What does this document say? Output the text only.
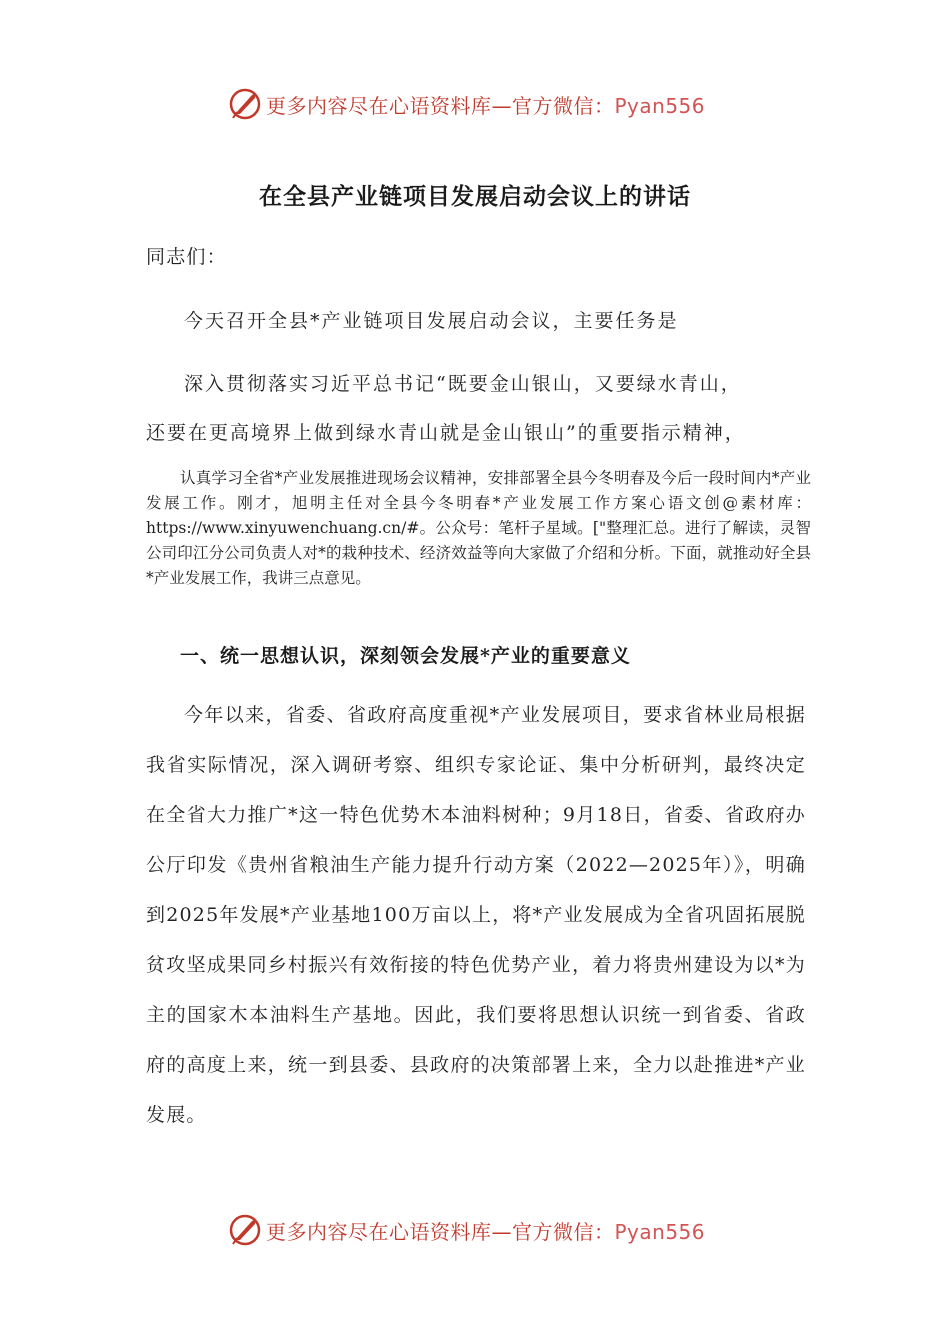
更多内容尽在心语资料库—官方微信：Pyan556
在全县产业链项目发展启动会议上的讲话
同志们：
今天召开全县*产业链项目发展启动会议，主要任务是
深入贯彻落实习近平总书记“既要金山银山，又要绿水青山，
还要在更高境界上做到绿水青山就是金山银山”的重要指示精神，
认真学习全省*产业发展推进现场会议精神，安排部署全县今冬明春及今后一段时间内*产业发展工作。刚才，旭明主任对全县今冬明春*产业发展工作方案心语文创@素材库：https://www.xinyuwenchuang.cn/#。公众号：笔杆子星域。["整理汇总。进行了解读，灵智公司印江分公司负责人对*的栽种技术、经济效益等向大家做了介绍和分析。下面，就推动好全县*产业发展工作，我讲三点意见。
一、统一思想认识，深刻领会发展*产业的重要意义
今年以来，省委、省政府高度重视*产业发展项目，要求省林业局根据我省实际情况，深入调研考察、组织专家论证、集中分析研判，最终决定在全省大力推广*这一特色优势木本油料树种；9月18日，省委、省政府办公厅印发《贵州省粮油生产能力提升行动方案（2022—2025年）》，明确到2025年发展*产业基地100万亩以上，将*产业发展成为全省巩固拓展脱贫攻坚成果同乡村振兴有效衔接的特色优势产业，着力将贵州建设为以*为主的国家木本油料生产基地。因此，我们要将思想认识统一到省委、省政府的高度上来，统一到县委、县政府的决策部署上来，全力以赴推进*产业发展。
更多内容尽在心语资料库—官方微信：Pyan556
